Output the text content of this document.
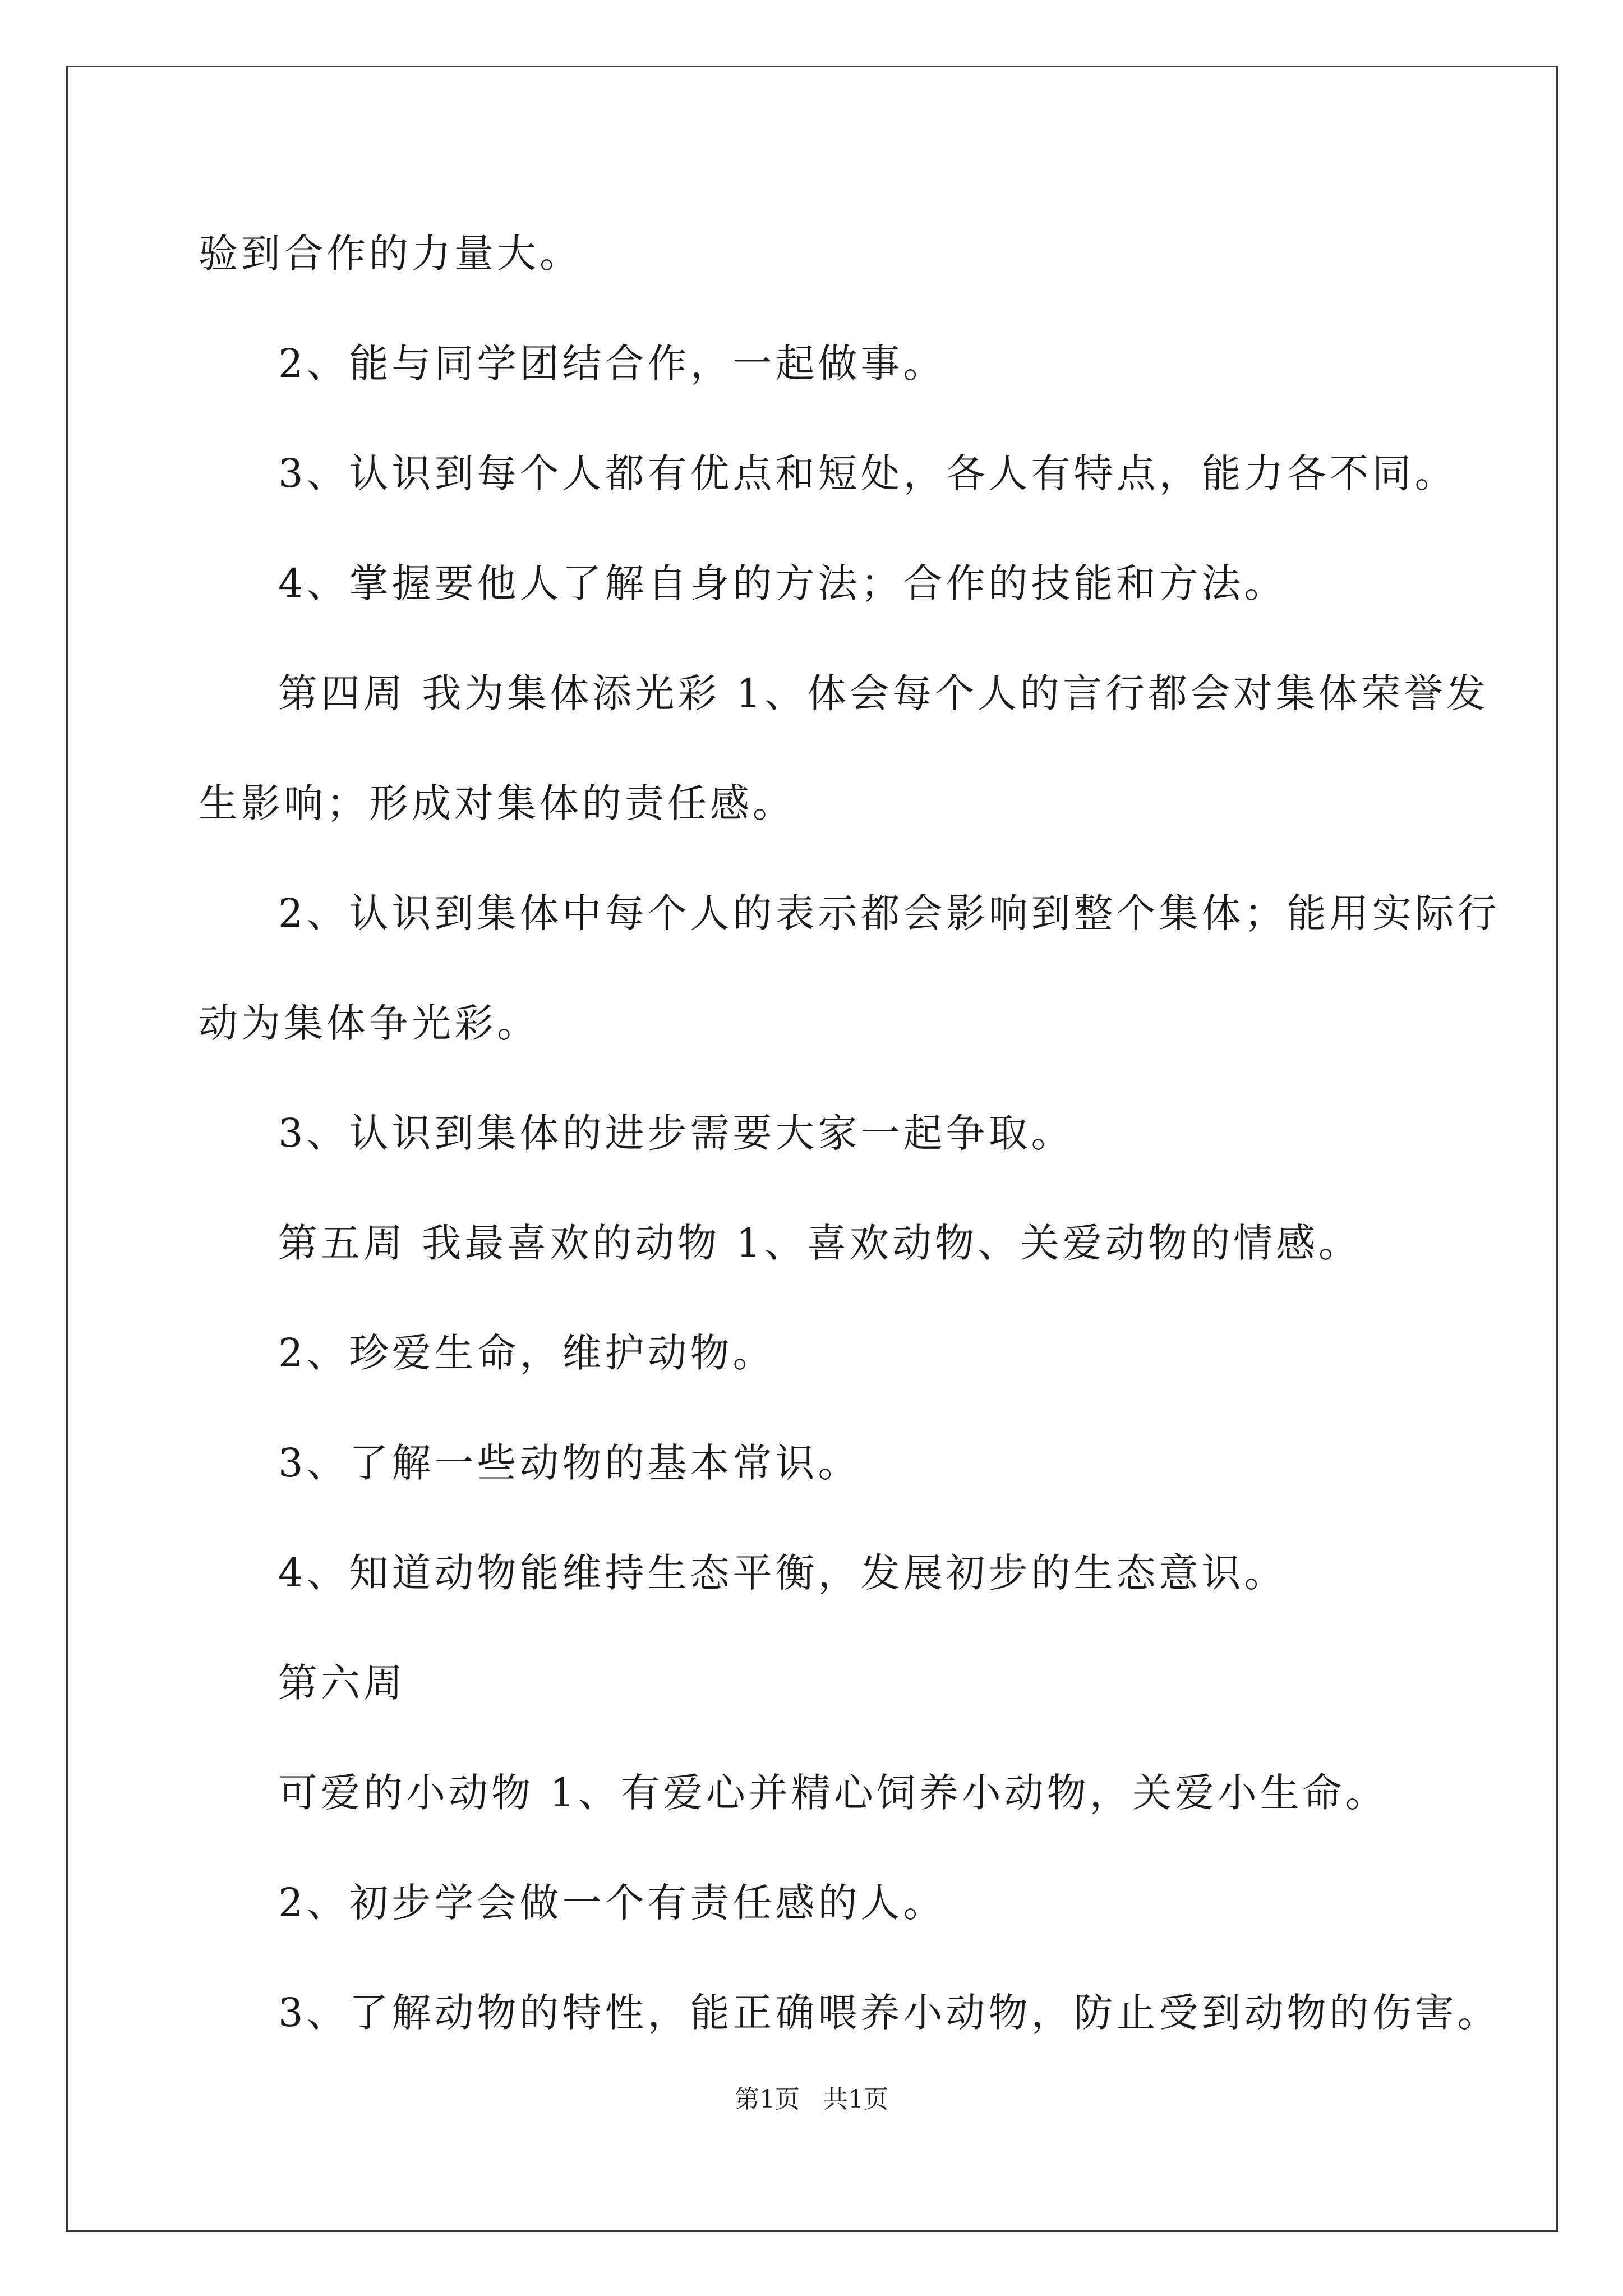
验到合作的力量大。
2、能与同学团结合作，一起做事。
3、认识到每个人都有优点和短处，各人有特点，能力各不同。
4、掌握要他人了解自身的方法；合作的技能和方法。
第四周 我为集体添光彩 1、体会每个人的言行都会对集体荣誉发
生影响；形成对集体的责任感。
2、认识到集体中每个人的表示都会影响到整个集体；能用实际行
动为集体争光彩。
3、认识到集体的进步需要大家一起争取。
第五周 我最喜欢的动物 1、喜欢动物、关爱动物的情感。
2、珍爱生命，维护动物。
3、了解一些动物的基本常识。
4、知道动物能维持生态平衡，发展初步的生态意识。
第六周
可爱的小动物 1、有爱心并精心饲养小动物，关爱小生命。
2、初步学会做一个有责任感的人。
3、了解动物的特性，能正确喂养小动物，防止受到动物的伤害。
第1页   共1页
